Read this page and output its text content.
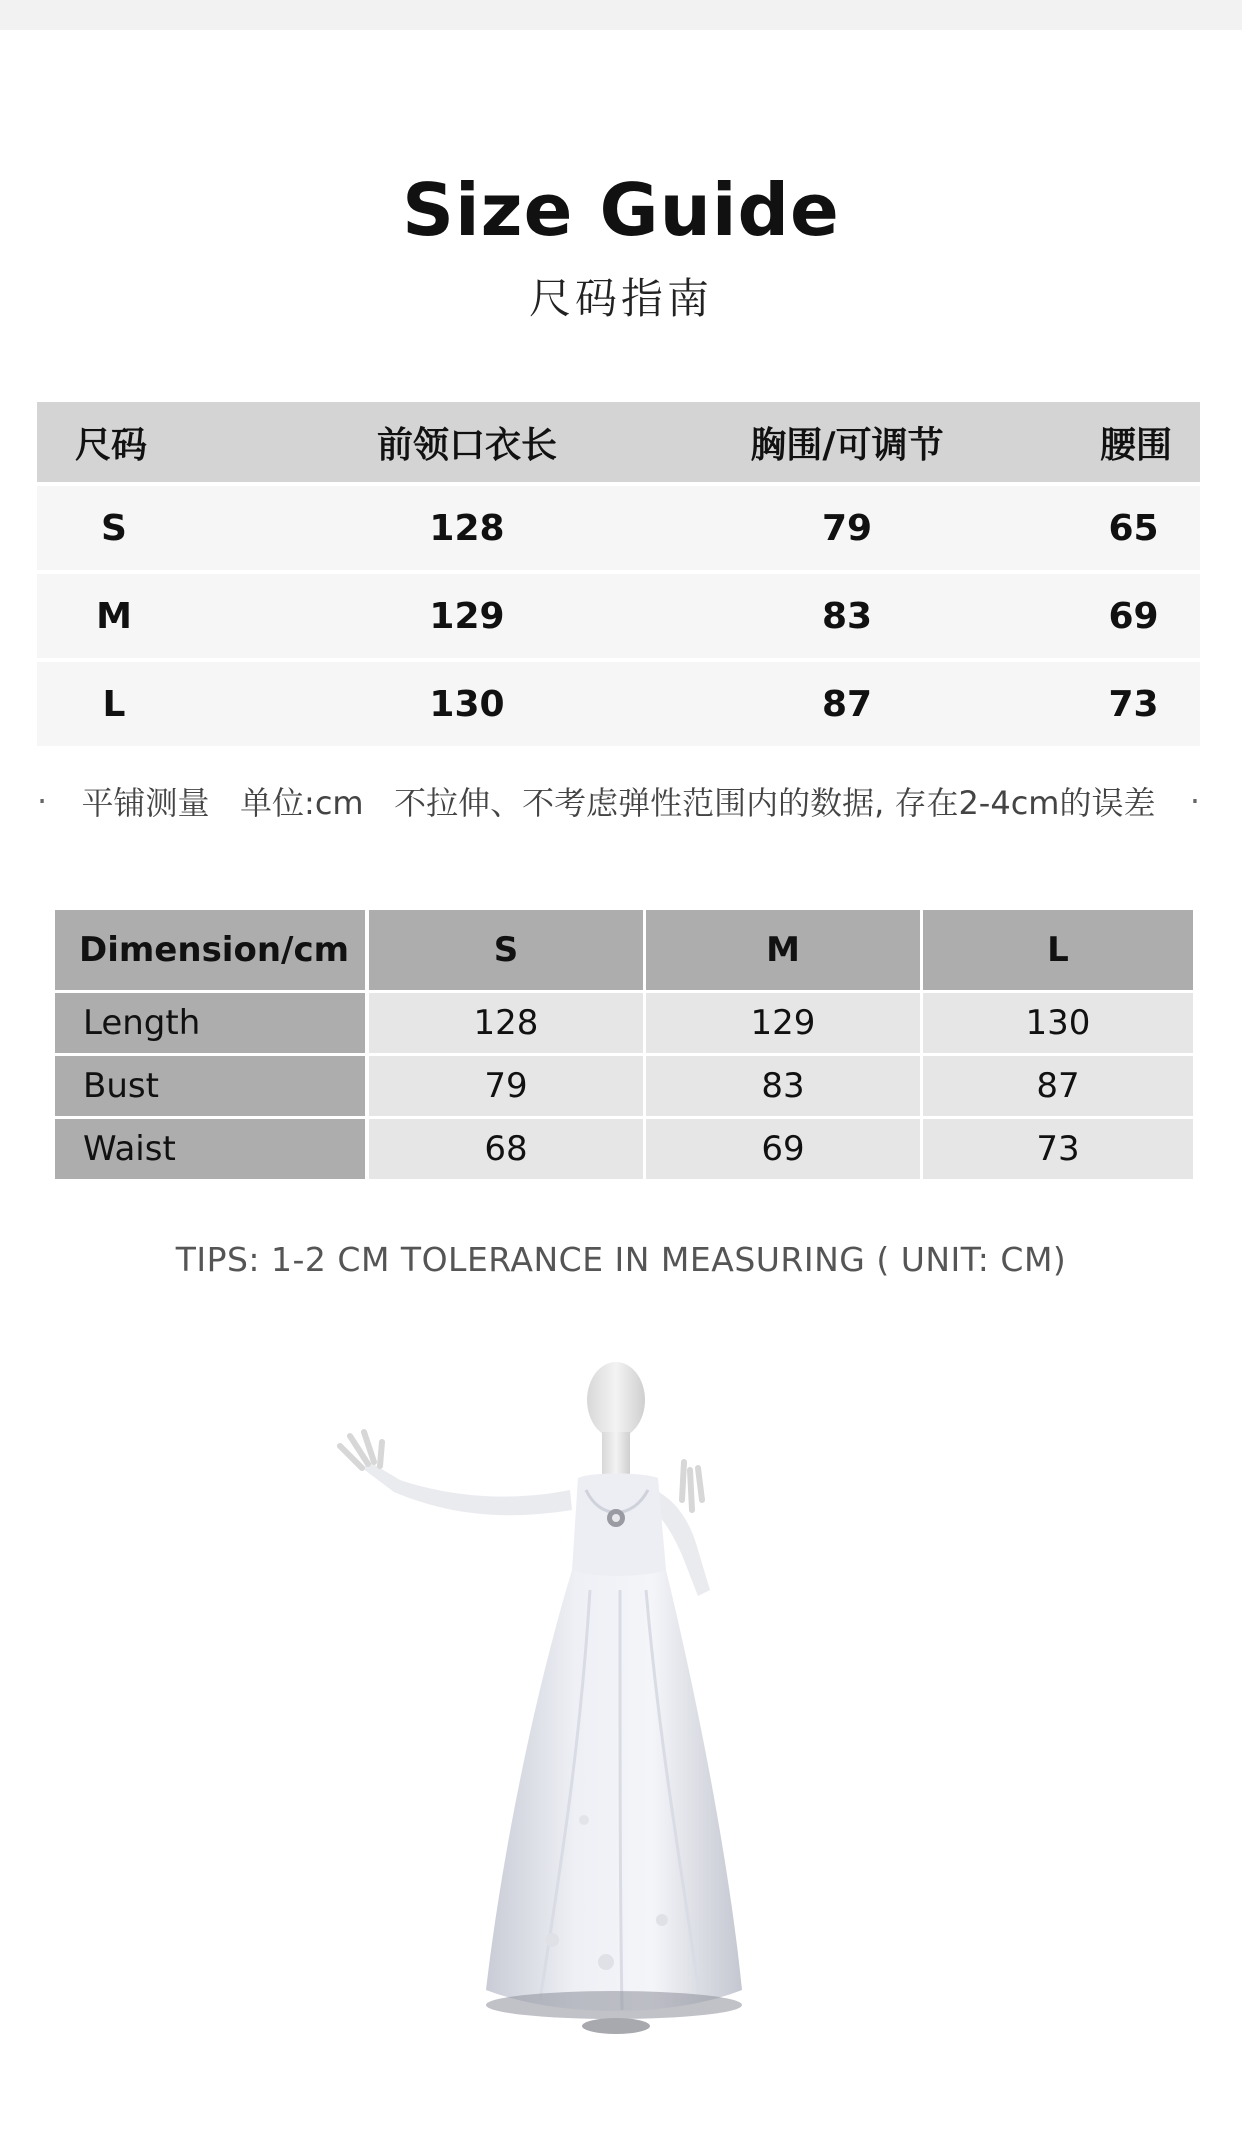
Size Guide
尺码指南
尺码	前领口衣长	胸围/可调节	腰围
S	128	79	65
M	129	83	69
L	130	87	73
· 平铺测量   单位:cm   不拉伸、不考虑弹性范围内的数据, 存在2-4cm的误差 ·
Dimension/cm	S	M	L
Length	128	129	130
Bust	79	83	87
Waist	68	69	73
TIPS: 1-2 CM TOLERANCE IN MEASURING ( UNIT: CM)
